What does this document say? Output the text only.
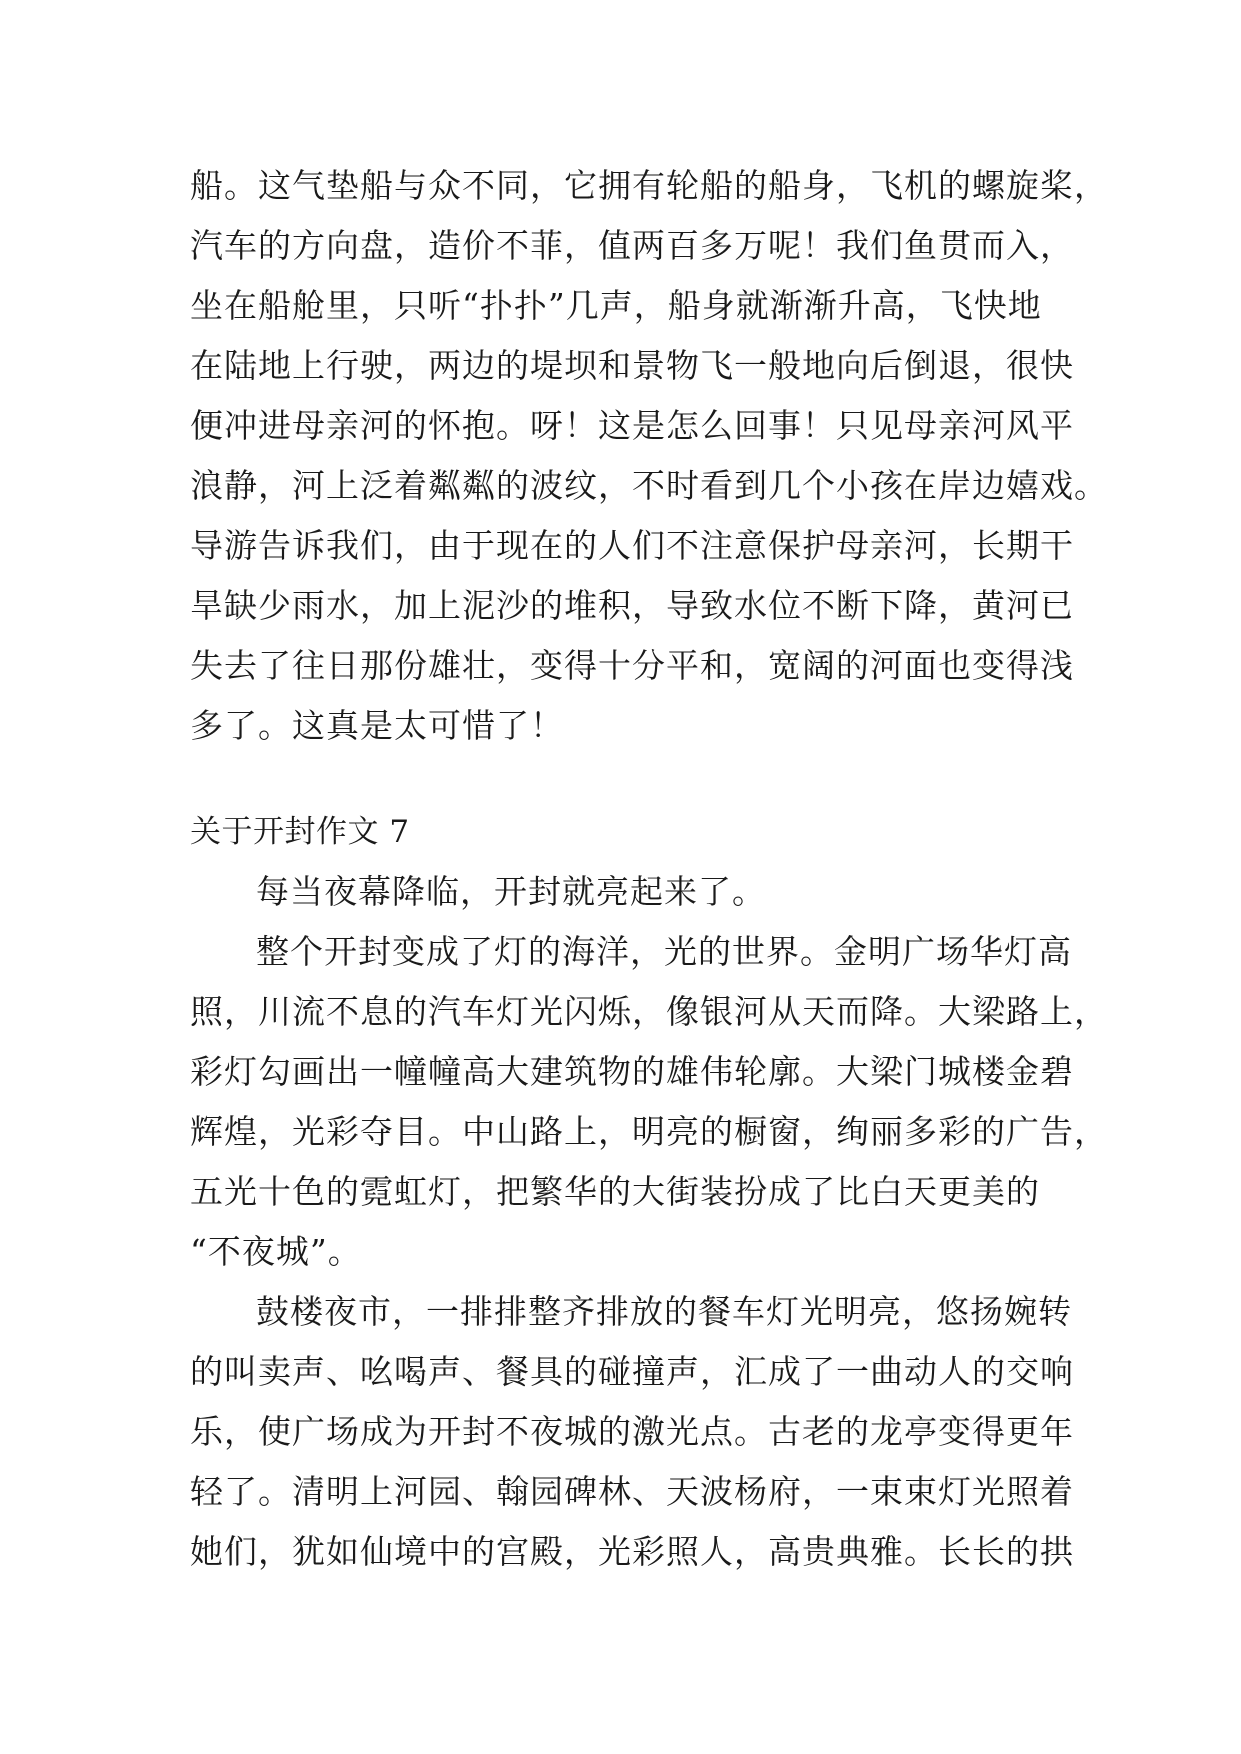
船。这气垫船与众不同，它拥有轮船的船身，飞机的螺旋桨，
汽车的方向盘，造价不菲，值两百多万呢！我们鱼贯而入，
坐在船舱里，只听“扑扑”几声，船身就渐渐升高，飞快地
在陆地上行驶，两边的堤坝和景物飞一般地向后倒退，很快
便冲进母亲河的怀抱。呀！这是怎么回事！只见母亲河风平
浪静，河上泛着粼粼的波纹，不时看到几个小孩在岸边嬉戏。
导游告诉我们，由于现在的人们不注意保护母亲河，长期干
旱缺少雨水，加上泥沙的堆积，导致水位不断下降，黄河已
失去了往日那份雄壮，变得十分平和，宽阔的河面也变得浅
多了。这真是太可惜了！
关于开封作文 7
每当夜幕降临，开封就亮起来了。
整个开封变成了灯的海洋，光的世界。金明广场华灯高
照，川流不息的汽车灯光闪烁，像银河从天而降。大梁路上，
彩灯勾画出一幢幢高大建筑物的雄伟轮廓。大梁门城楼金碧
辉煌，光彩夺目。中山路上，明亮的橱窗，绚丽多彩的广告，
五光十色的霓虹灯，把繁华的大街装扮成了比白天更美的
“不夜城”。
鼓楼夜市，一排排整齐排放的餐车灯光明亮，悠扬婉转
的叫卖声、吆喝声、餐具的碰撞声，汇成了一曲动人的交响
乐，使广场成为开封不夜城的激光点。古老的龙亭变得更年
轻了。清明上河园、翰园碑林、天波杨府，一束束灯光照着
她们，犹如仙境中的宫殿，光彩照人，高贵典雅。长长的拱
